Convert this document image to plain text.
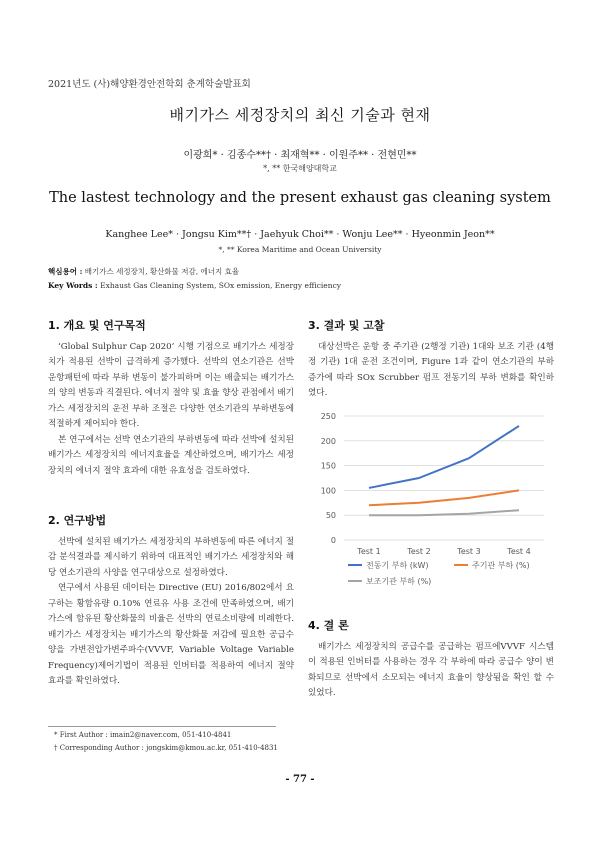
2021년도 (사)해양환경안전학회 춘계학술발표회
배기가스 세정장치의 최신 기술과 현재
이광희* · 김종수**† · 최재혁** · 이원주** · 전현민**
*, ** 한국해양대학교
The lastest technology and the present exhaust gas cleaning system
Kanghee Lee* · Jongsu Kim**† · Jaehyuk Choi** · Wonju Lee** · Hyeonmin Jeon**
*, ** Korea Maritime and Ocean University
핵심용어 : 배기가스 세정장치, 황산화물 저감, 에너지 효율
Key Words : Exhaust Gas Cleaning System, SOx emission, Energy efficiency
1. 개요 및 연구목적

‘Global Sulphur Cap 2020’ 시행 기점으로 배기가스 세정장치가 적용된 선박이 급격하게 증가했다. 선박의 연소기관은 선박 운항패턴에 따라 부하 변동이 불가피하며 이는 배출되는 배기가스의 양의 변동과 직결된다. 에너지 절약 및 효율 향상 관점에서 배기가스 세정장치의 운전 부하 조절은 다양한 연소기관의 부하변동에 적절하게 제어되야 한다.

본 연구에서는 선박 연소기관의 부하변동에 따라 선박에 설치된 배기가스 세정장치의 에너지효율을 계산하였으며, 배기가스 세정장치의 에너지 절약 효과에 대한 유효성을 검토하였다.

2. 연구방법

선박에 설치된 배기가스 세정장치의 부하변동에 따른 에너지 절감 분석결과를 제시하기 위하여 대표적인 배기가스 세정장치와 해당 연소기관의 사양을 연구대상으로 설정하였다.

연구에서 사용된 데이터는 Directive (EU) 2016/802에서 요구하는 황함유량 0.10% 연료유 사용 조건에 만족하였으며, 배기가스에 함유된 황산화물의 비율은 선박의 연료소비량에 비례한다. 배기가스 세정장치는 배기가스의 황산화물 저감에 필요한 공급수 양을 가변전압가변주파수(VVVF, Variable Voltage Variable Frequency)제어기법이 적용된 인버터를 적용하여 에너지 절약 효과를 확인하였다.

3. 결과 및 고찰

대상선박은 운항 중 주기관 (2행정 기관) 1대와 보조 기관 (4행정 기관) 1대 운전 조건이며, Figure 1과 같이 연소기관의 부하 증가에 따라 SOx Scrubber 펌프 전동기의 부하 변화를 확인하였다.

0
50
100
150
200
250
Test 1	Test 2	Test 3	Test 4
전동기 부하 (kW)	주기관 부하 (%)
보조기관 부하 (%)
4. 결 론

배기가스 세정장치의 공급수를 공급하는 펌프에VVVF 시스템이 적용된 인버터를 사용하는 경우 각 부하에 따라 공급수 양이 변화되므로 선박에서 소모되는 에너지 효율이 향상됨을 확인 할 수 있었다.

* First Author : imain2@naver.com, 051-410-4841
† Corresponding Author : jongskim@kmou.ac.kr, 051-410-4831
- 77 -
